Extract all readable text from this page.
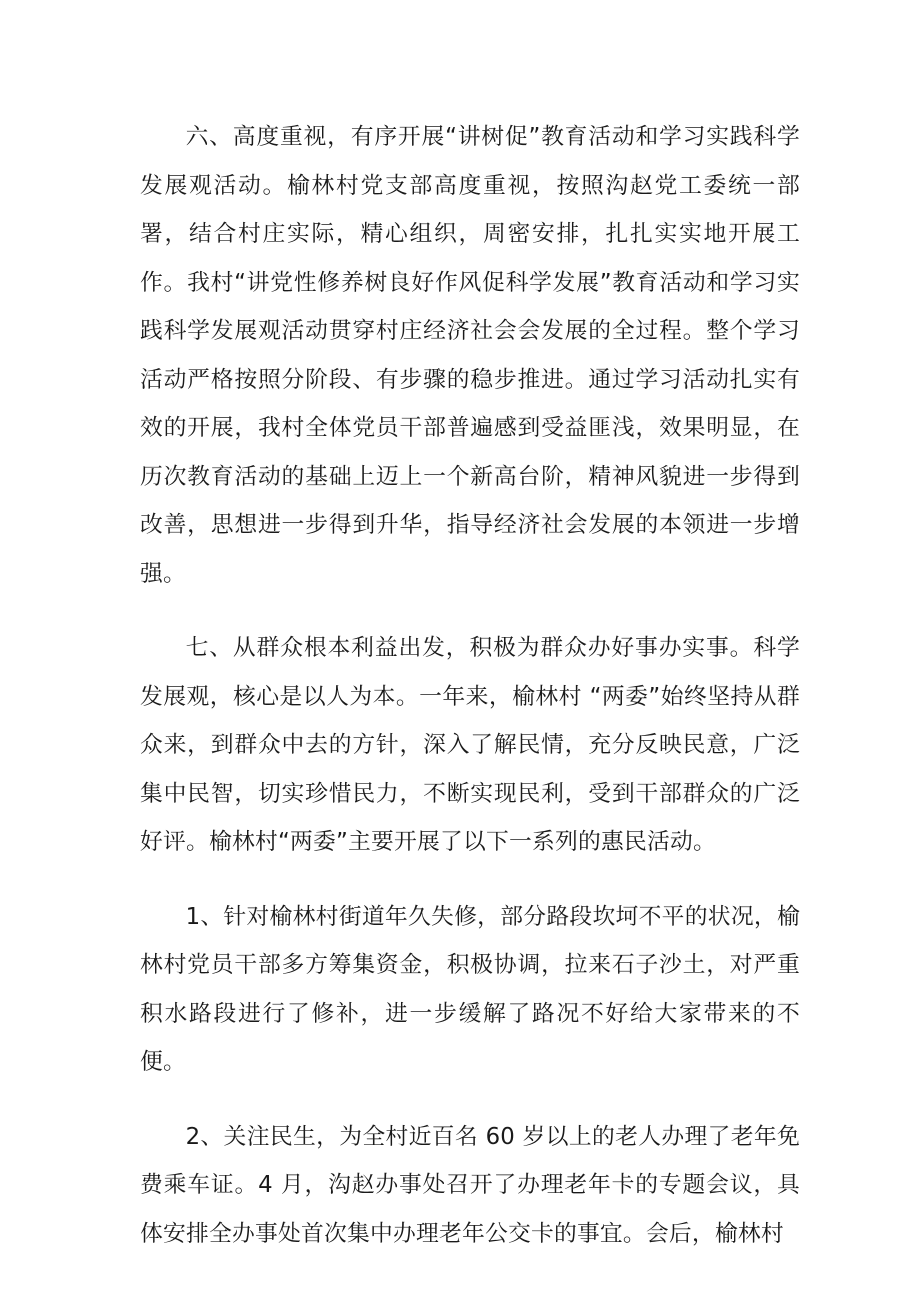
六、高度重视，有序开展“讲树促”教育活动和学习实践科学发展观活动。榆林村党支部高度重视，按照沟赵党工委统一部署，结合村庄实际，精心组织，周密安排，扎扎实实地开展工作。我村“讲党性修养树良好作风促科学发展”教育活动和学习实践科学发展观活动贯穿村庄经济社会会发展的全过程。整个学习活动严格按照分阶段、有步骤的稳步推进。通过学习活动扎实有效的开展，我村全体党员干部普遍感到受益匪浅，效果明显，在历次教育活动的基础上迈上一个新高台阶，精神风貌进一步得到改善，思想进一步得到升华，指导经济社会发展的本领进一步增强。

七、从群众根本利益出发，积极为群众办好事办实事。科学发展观，核心是以人为本。一年来，榆林村 “两委”始终坚持从群众来，到群众中去的方针，深入了解民情，充分反映民意，广泛集中民智，切实珍惜民力，不断实现民利，受到干部群众的广泛好评。榆林村“两委”主要开展了以下一系列的惠民活动。

1、针对榆林村街道年久失修，部分路段坎坷不平的状况，榆林村党员干部多方筹集资金，积极协调，拉来石子沙土，对严重积水路段进行了修补，进一步缓解了路况不好给大家带来的不便。

2、关注民生，为全村近百名 60 岁以上的老人办理了老年免费乘车证。4 月，沟赵办事处召开了办理老年卡的专题会议，具体安排全办事处首次集中办理老年公交卡的事宜。会后，榆林村
